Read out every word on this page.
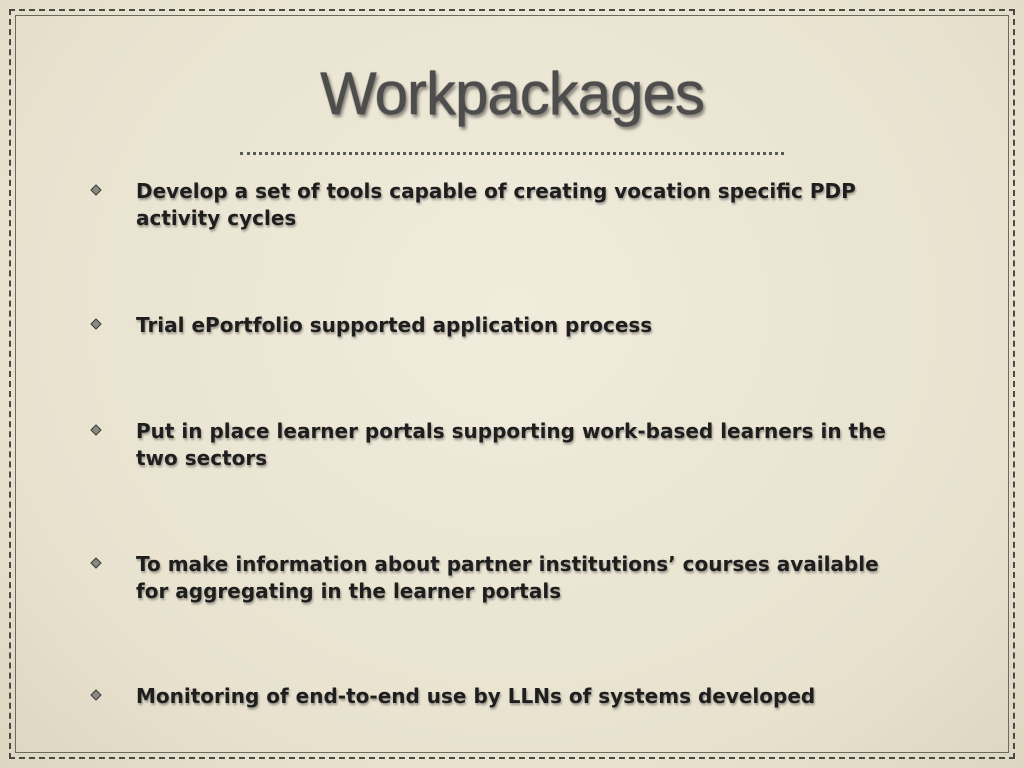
Workpackages
Develop a set of tools capable of creating vocation specific PDP activity cycles
Trial ePortfolio supported application process
Put in place learner portals supporting work-based learners in the two sectors
To make information about partner institutions’ courses available for aggregating in the learner portals
Monitoring of end-to-end use by LLNs of systems developed
